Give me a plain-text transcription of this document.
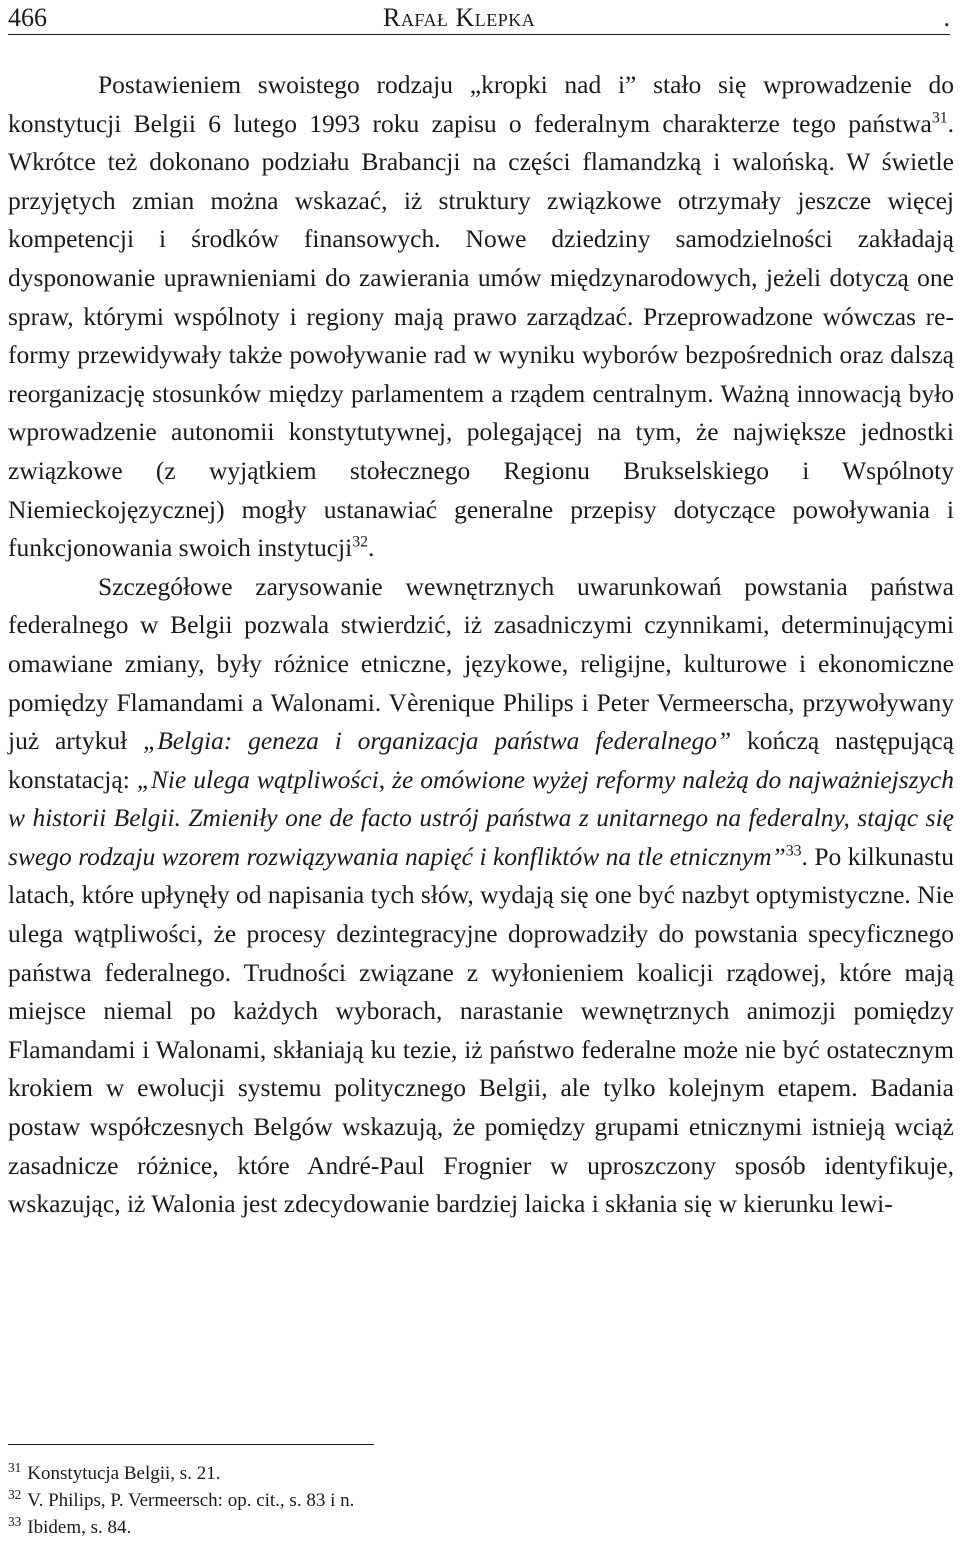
466	Rafał Klepka	.

Postawieniem swoistego rodzaju „kropki nad i” stało się wprowadzenie do konstytucji Belgii 6 lutego 1993 roku zapisu o federalnym charakterze tego państwa$^{31}$. Wkrótce też dokonano podziału Brabancji na części flamandzką i walońską. W świetle przyjętych zmian można wskazać, iż struktury związkowe otrzymały jeszcze więcej kompetencji i środków finansowych. Nowe dziedziny samodzielności zakładają dysponowanie uprawnieniami do zawierania umów międzynarodowych, jeżeli dotyczą one spraw, którymi wspólnoty i regiony mają prawo zarządzać. Przeprowadzone wówczas reformy przewidywały także powoływanie rad w wyniku wyborów bezpośrednich oraz dalszą reorganizację stosunków między parlamentem a rządem centralnym. Ważną innowacją było wprowadzenie autonomii konstytutywnej, polegającej na tym, że największe jednostki związkowe (z wyjątkiem stołecznego Regionu Brukselskiego i Wspólnoty Niemieckojęzycznej) mogły ustanawiać generalne przepisy dotyczące powoływania i funkcjonowania swoich instytucji$^{32}$.

Szczegółowe zarysowanie wewnętrznych uwarunkowań powstania państwa federalnego w Belgii pozwala stwierdzić, iż zasadniczymi czynnikami, determinującymi omawiane zmiany, były różnice etniczne, językowe, religijne, kulturowe i ekonomiczne pomiędzy Flamandami a Walonami. Vèrenique Philips i Peter Vermeerscha, przywoływany już artykuł „Belgia: geneza i organizacja państwa federalnego” kończą następującą konstatacją: „Nie ulega wątpliwości, że omówione wyżej reformy należą do najważniejszych w historii Belgii. Zmieniły one de facto ustrój państwa z unitarnego na federalny, stając się swego rodzaju wzorem rozwiązywania napięć i konfliktów na tle etnicznym”$^{33}$. Po kilkunastu latach, które upłynęły od napisania tych słów, wydają się one być nazbyt optymistyczne. Nie ulega wątpliwości, że procesy dezintegracyjne doprowadziły do powstania specyficznego państwa federalnego. Trudności związane z wyłonieniem koalicji rządowej, które mają miejsce niemal po każdych wyborach, narastanie wewnętrznych animozji pomiędzy Flamandami i Walonami, skłaniają ku tezie, iż państwo federalne może nie być ostatecznym krokiem w ewolucji systemu politycznego Belgii, ale tylko kolejnym etapem. Badania postaw współczesnych Belgów wskazują, że pomiędzy grupami etnicznymi istnieją wciąż zasadnicze różnice, które André-Paul Frognier w uproszczony sposób identyfikuje, wskazując, iż Walonia jest zdecydowanie bardziej laicka i skłania się w kierunku lewi-

$^{31}$ Konstytucja Belgii, s. 21.

$^{32}$ V. Philips, P. Vermeersch: op. cit., s. 83 i n.

$^{33}$ Ibidem, s. 84.
